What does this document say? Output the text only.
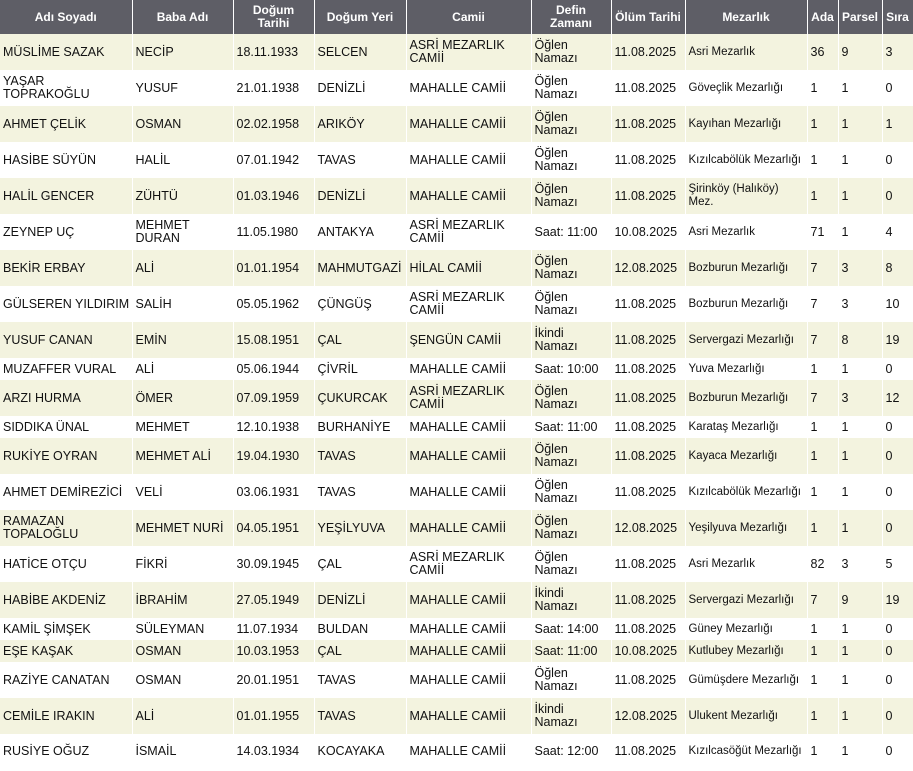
Adı Soyadı	Baba Adı	Doğum Tarihi	Doğum Yeri	Camii	Defin Zamanı	Ölüm Tarihi	Mezarlık	Ada	Parsel	Sıra
MÜSLİME SAZAK	NECİP	18.11.1933	SELCEN	ASRİ MEZARLIK CAMİİ	Öğlen Namazı	11.08.2025	Asri Mezarlık	36	9	3
YAŞAR TOPRAKOĞLU	YUSUF	21.01.1938	DENİZLİ	MAHALLE CAMİİ	Öğlen Namazı	11.08.2025	Göveçlik Mezarlığı	1	1	0
AHMET ÇELİK	OSMAN	02.02.1958	ARIKÖY	MAHALLE CAMİİ	Öğlen Namazı	11.08.2025	Kayıhan Mezarlığı	1	1	1
HASİBE SÜYÜN	HALİL	07.01.1942	TAVAS	MAHALLE CAMİİ	Öğlen Namazı	11.08.2025	Kızılcabölük Mezarlığı	1	1	0
HALİL GENCER	ZÜHTÜ	01.03.1946	DENİZLİ	MAHALLE CAMİİ	Öğlen Namazı	11.08.2025	Şirinköy (Halıköy) Mez.	1	1	0
ZEYNEP UÇ	MEHMET DURAN	11.05.1980	ANTAKYA	ASRİ MEZARLIK CAMİİ	Saat: 11:00	10.08.2025	Asri Mezarlık	71	1	4
BEKİR ERBAY	ALİ	01.01.1954	MAHMUTGAZİ	HİLAL CAMİİ	Öğlen Namazı	12.08.2025	Bozburun Mezarlığı	7	3	8
GÜLSEREN YILDIRIM	SALİH	05.05.1962	ÇÜNGÜŞ	ASRİ MEZARLIK CAMİİ	Öğlen Namazı	11.08.2025	Bozburun Mezarlığı	7	3	10
YUSUF CANAN	EMİN	15.08.1951	ÇAL	ŞENGÜN CAMİİ	İkindi Namazı	11.08.2025	Servergazi Mezarlığı	7	8	19
MUZAFFER VURAL	ALİ	05.06.1944	ÇİVRİL	MAHALLE CAMİİ	Saat: 10:00	11.08.2025	Yuva Mezarlığı	1	1	0
ARZI HURMA	ÖMER	07.09.1959	ÇUKURCAK	ASRİ MEZARLIK CAMİİ	Öğlen Namazı	11.08.2025	Bozburun Mezarlığı	7	3	12
SIDDIKA ÜNAL	MEHMET	12.10.1938	BURHANİYE	MAHALLE CAMİİ	Saat: 11:00	11.08.2025	Karataş Mezarlığı	1	1	0
RUKİYE OYRAN	MEHMET ALİ	19.04.1930	TAVAS	MAHALLE CAMİİ	Öğlen Namazı	11.08.2025	Kayaca Mezarlığı	1	1	0
AHMET DEMİREZİCİ	VELİ	03.06.1931	TAVAS	MAHALLE CAMİİ	Öğlen Namazı	11.08.2025	Kızılcabölük Mezarlığı	1	1	0
RAMAZAN TOPALOĞLU	MEHMET NURİ	04.05.1951	YEŞİLYUVA	MAHALLE CAMİİ	Öğlen Namazı	12.08.2025	Yeşilyuva Mezarlığı	1	1	0
HATİCE OTÇU	FİKRİ	30.09.1945	ÇAL	ASRİ MEZARLIK CAMİİ	Öğlen Namazı	11.08.2025	Asri Mezarlık	82	3	5
HABİBE AKDENİZ	İBRAHİM	27.05.1949	DENİZLİ	MAHALLE CAMİİ	İkindi Namazı	11.08.2025	Servergazi Mezarlığı	7	9	19
KAMİL ŞİMŞEK	SÜLEYMAN	11.07.1934	BULDAN	MAHALLE CAMİİ	Saat: 14:00	11.08.2025	Güney Mezarlığı	1	1	0
EŞE KAŞAK	OSMAN	10.03.1953	ÇAL	MAHALLE CAMİİ	Saat: 11:00	10.08.2025	Kutlubey Mezarlığı	1	1	0
RAZİYE CANATAN	OSMAN	20.01.1951	TAVAS	MAHALLE CAMİİ	Öğlen Namazı	11.08.2025	Gümüşdere Mezarlığı	1	1	0
CEMİLE IRAKIN	ALİ	01.01.1955	TAVAS	MAHALLE CAMİİ	İkindi Namazı	12.08.2025	Ulukent Mezarlığı	1	1	0
RUSİYE OĞUZ	İSMAİL	14.03.1934	KOCAYAKA	MAHALLE CAMİİ	Saat: 12:00	11.08.2025	Kızılcasöğüt Mezarlığı	1	1	0
